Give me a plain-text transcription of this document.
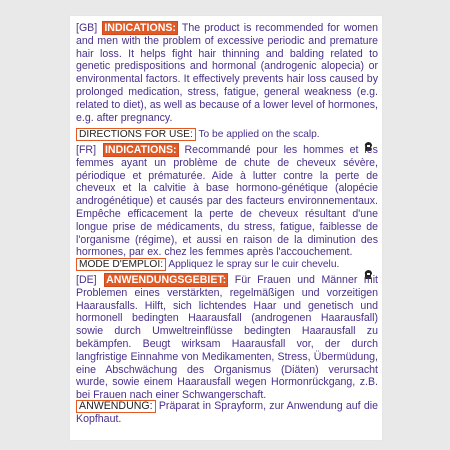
[GB] INDICATIONS: The product is recommended for women and men with the problem of excessive periodic and premature hair loss. It helps fight hair thinning and balding related to genetic predispositions and hormonal (androgenic alopecia) or environmental factors. It effectively prevents hair loss caused by prolonged medication, stress, fatigue, general weakness (e.g. related to diet), as well as because of a lower level of hormones, e.g. after pregnancy.
DIRECTIONS FOR USE: To be applied on the scalp.
[FR] INDICATIONS: Recommandé pour les hommes et les femmes ayant un problème de chute de cheveux sévère, périodique et prématurée. Aide à lutter contre la perte de cheveux et la calvitie à base hormono-génétique (alopécie androgénétique) et causés par des facteurs environnementaux. Empêche efficacement la perte de cheveux résultant d'une longue prise de médicaments, du stress, fatigue, faiblesse de l'organisme (régime), et aussi en raison de la diminution des hormones, par ex. chez les femmes après l'accouchement.
MODE D'EMPLOI: Appliquez le spray sur le cuir chevelu.
[DE] ANWENDUNGSGEBIET: Für Frauen und Männer mit Problemen eines verstärkten, regelmäßigen und vorzeitigen Haarausfalls. Hilft, sich lichtendes Haar und genetisch und hormonell bedingten Haarausfall (androgenen Haarausfall) sowie durch Umweltreinflüsse bedingten Haarausfall zu bekämpfen. Beugt wirksam Haarausfall vor, der durch langfristige Einnahme von Medikamenten, Stress, Übermüdung, eine Abschwächung des Organismus (Diäten) verursacht wurde, sowie einem Haarausfall wegen Hormonrückgang, z.B. bei Frauen nach einer Schwangerschaft.
ANWENDUNG: Präparat in Sprayform, zur Anwendung auf die Kopfhaut.
